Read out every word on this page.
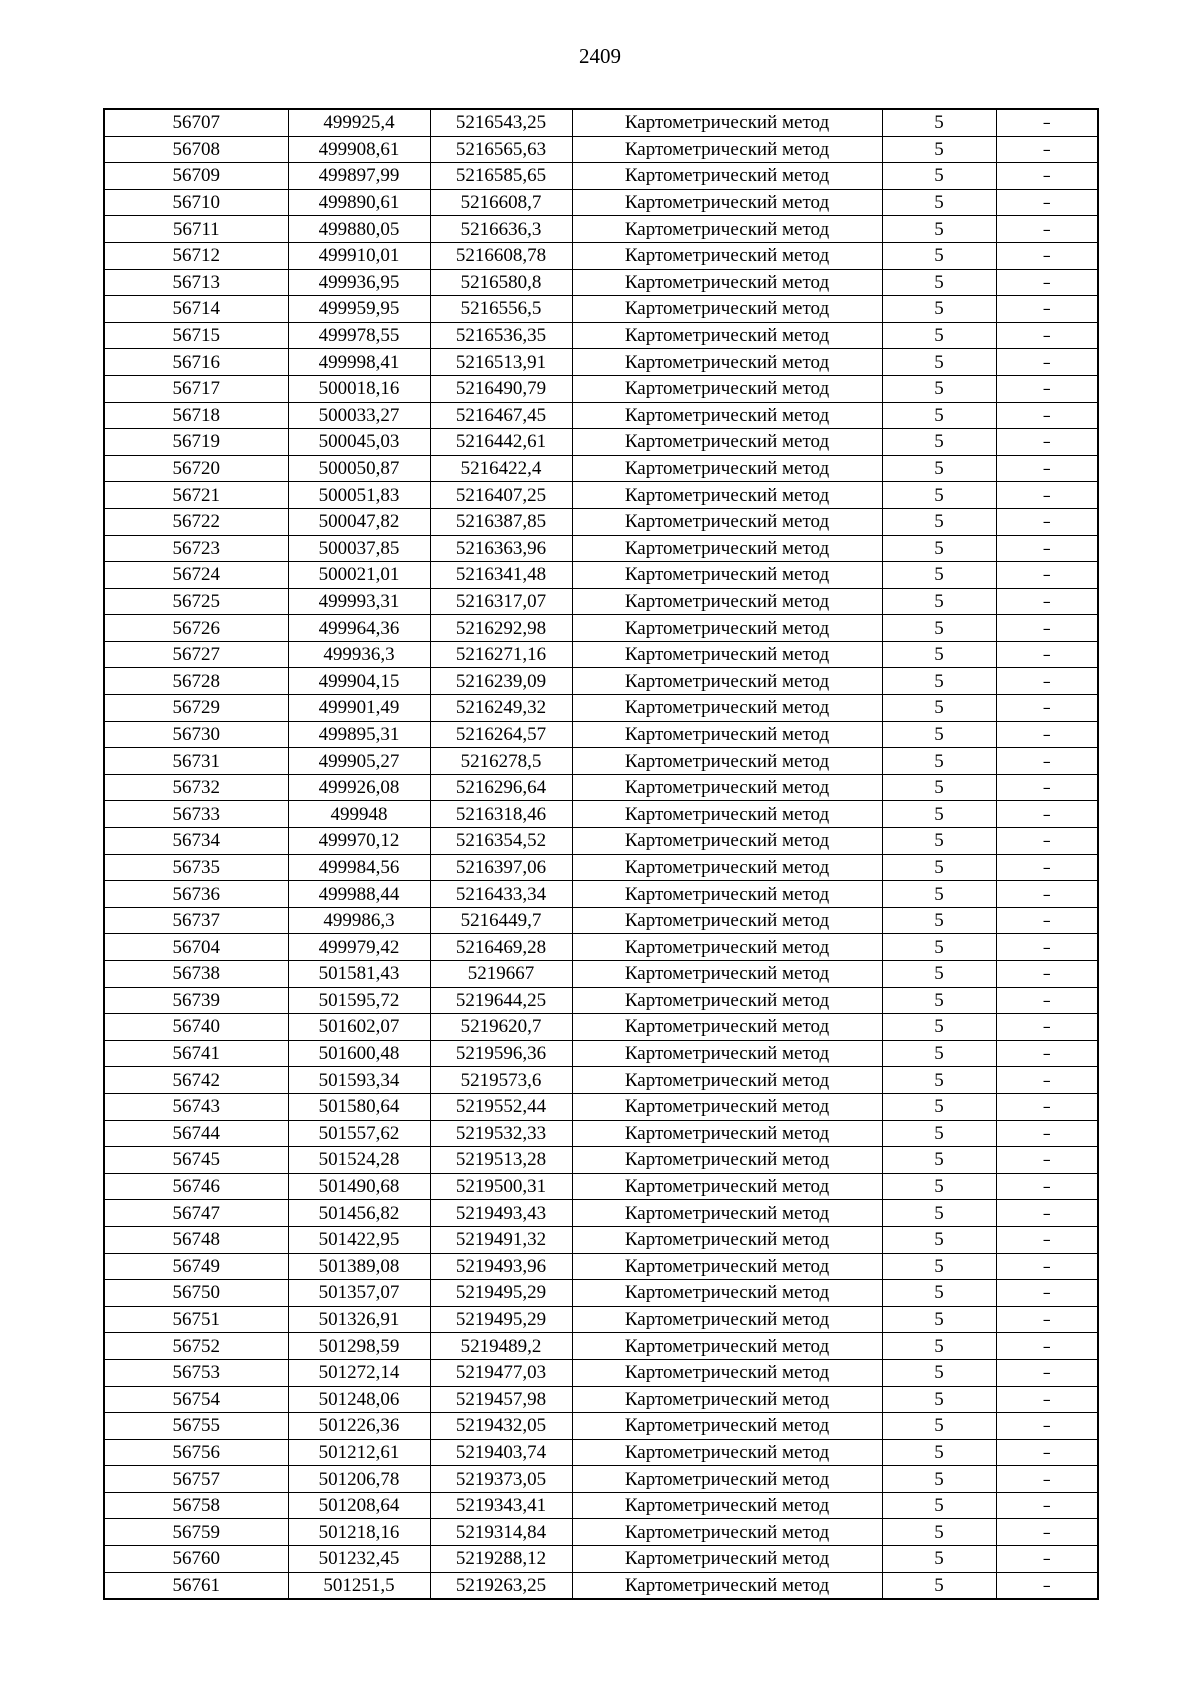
2409
56707	499925,4	5216543,25	Картометрический метод	5	–
56708	499908,61	5216565,63	Картометрический метод	5	–
56709	499897,99	5216585,65	Картометрический метод	5	–
56710	499890,61	5216608,7	Картометрический метод	5	–
56711	499880,05	5216636,3	Картометрический метод	5	–
56712	499910,01	5216608,78	Картометрический метод	5	–
56713	499936,95	5216580,8	Картометрический метод	5	–
56714	499959,95	5216556,5	Картометрический метод	5	–
56715	499978,55	5216536,35	Картометрический метод	5	–
56716	499998,41	5216513,91	Картометрический метод	5	–
56717	500018,16	5216490,79	Картометрический метод	5	–
56718	500033,27	5216467,45	Картометрический метод	5	–
56719	500045,03	5216442,61	Картометрический метод	5	–
56720	500050,87	5216422,4	Картометрический метод	5	–
56721	500051,83	5216407,25	Картометрический метод	5	–
56722	500047,82	5216387,85	Картометрический метод	5	–
56723	500037,85	5216363,96	Картометрический метод	5	–
56724	500021,01	5216341,48	Картометрический метод	5	–
56725	499993,31	5216317,07	Картометрический метод	5	–
56726	499964,36	5216292,98	Картометрический метод	5	–
56727	499936,3	5216271,16	Картометрический метод	5	–
56728	499904,15	5216239,09	Картометрический метод	5	–
56729	499901,49	5216249,32	Картометрический метод	5	–
56730	499895,31	5216264,57	Картометрический метод	5	–
56731	499905,27	5216278,5	Картометрический метод	5	–
56732	499926,08	5216296,64	Картометрический метод	5	–
56733	499948	5216318,46	Картометрический метод	5	–
56734	499970,12	5216354,52	Картометрический метод	5	–
56735	499984,56	5216397,06	Картометрический метод	5	–
56736	499988,44	5216433,34	Картометрический метод	5	–
56737	499986,3	5216449,7	Картометрический метод	5	–
56704	499979,42	5216469,28	Картометрический метод	5	–
56738	501581,43	5219667	Картометрический метод	5	–
56739	501595,72	5219644,25	Картометрический метод	5	–
56740	501602,07	5219620,7	Картометрический метод	5	–
56741	501600,48	5219596,36	Картометрический метод	5	–
56742	501593,34	5219573,6	Картометрический метод	5	–
56743	501580,64	5219552,44	Картометрический метод	5	–
56744	501557,62	5219532,33	Картометрический метод	5	–
56745	501524,28	5219513,28	Картометрический метод	5	–
56746	501490,68	5219500,31	Картометрический метод	5	–
56747	501456,82	5219493,43	Картометрический метод	5	–
56748	501422,95	5219491,32	Картометрический метод	5	–
56749	501389,08	5219493,96	Картометрический метод	5	–
56750	501357,07	5219495,29	Картометрический метод	5	–
56751	501326,91	5219495,29	Картометрический метод	5	–
56752	501298,59	5219489,2	Картометрический метод	5	–
56753	501272,14	5219477,03	Картометрический метод	5	–
56754	501248,06	5219457,98	Картометрический метод	5	–
56755	501226,36	5219432,05	Картометрический метод	5	–
56756	501212,61	5219403,74	Картометрический метод	5	–
56757	501206,78	5219373,05	Картометрический метод	5	–
56758	501208,64	5219343,41	Картометрический метод	5	–
56759	501218,16	5219314,84	Картометрический метод	5	–
56760	501232,45	5219288,12	Картометрический метод	5	–
56761	501251,5	5219263,25	Картометрический метод	5	–
